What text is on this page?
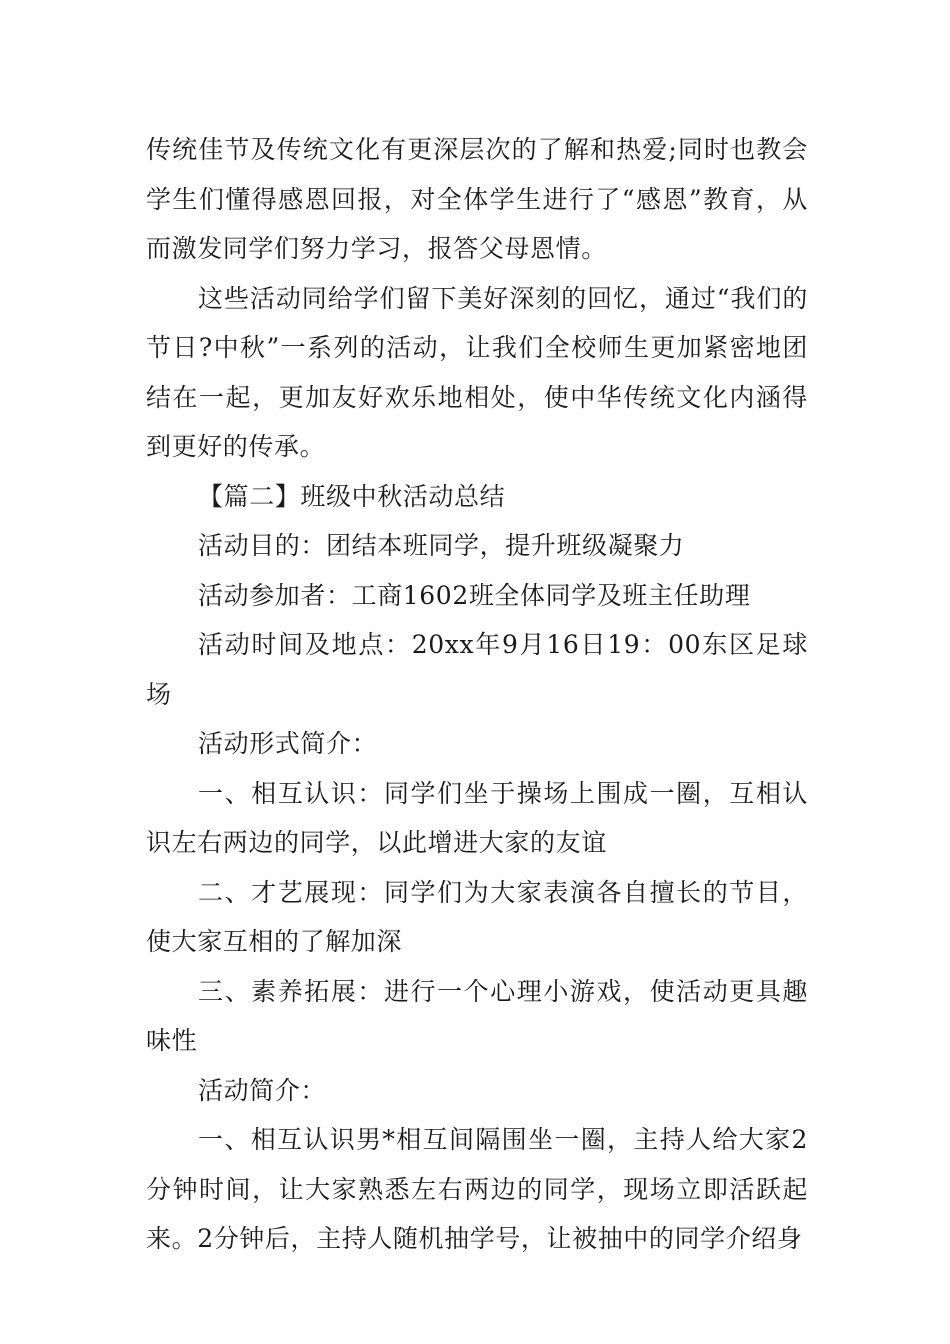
传统佳节及传统文化有更深层次的了解和热爱;同时也教会学生们懂得感恩回报，对全体学生进行了“感恩”教育，从而激发同学们努力学习，报答父母恩情。

这些活动同给学们留下美好深刻的回忆，通过“我们的节日?中秋”一系列的活动，让我们全校师生更加紧密地团结在一起，更加友好欢乐地相处，使中华传统文化内涵得到更好的传承。

【篇二】班级中秋活动总结

活动目的：团结本班同学，提升班级凝聚力

活动参加者：工商1602班全体同学及班主任助理

活动时间及地点：20xx年9月16日19：00东区足球场

活动形式简介：

一、相互认识：同学们坐于操场上围成一圈，互相认识左右两边的同学，以此增进大家的友谊

二、才艺展现：同学们为大家表演各自擅长的节目，使大家互相的了解加深

三、素养拓展：进行一个心理小游戏，使活动更具趣味性

活动简介：

一、相互认识男*相互间隔围坐一圈，主持人给大家2分钟时间，让大家熟悉左右两边的同学，现场立即活跃起来。2分钟后，主持人随机抽学号，让被抽中的同学介绍身
